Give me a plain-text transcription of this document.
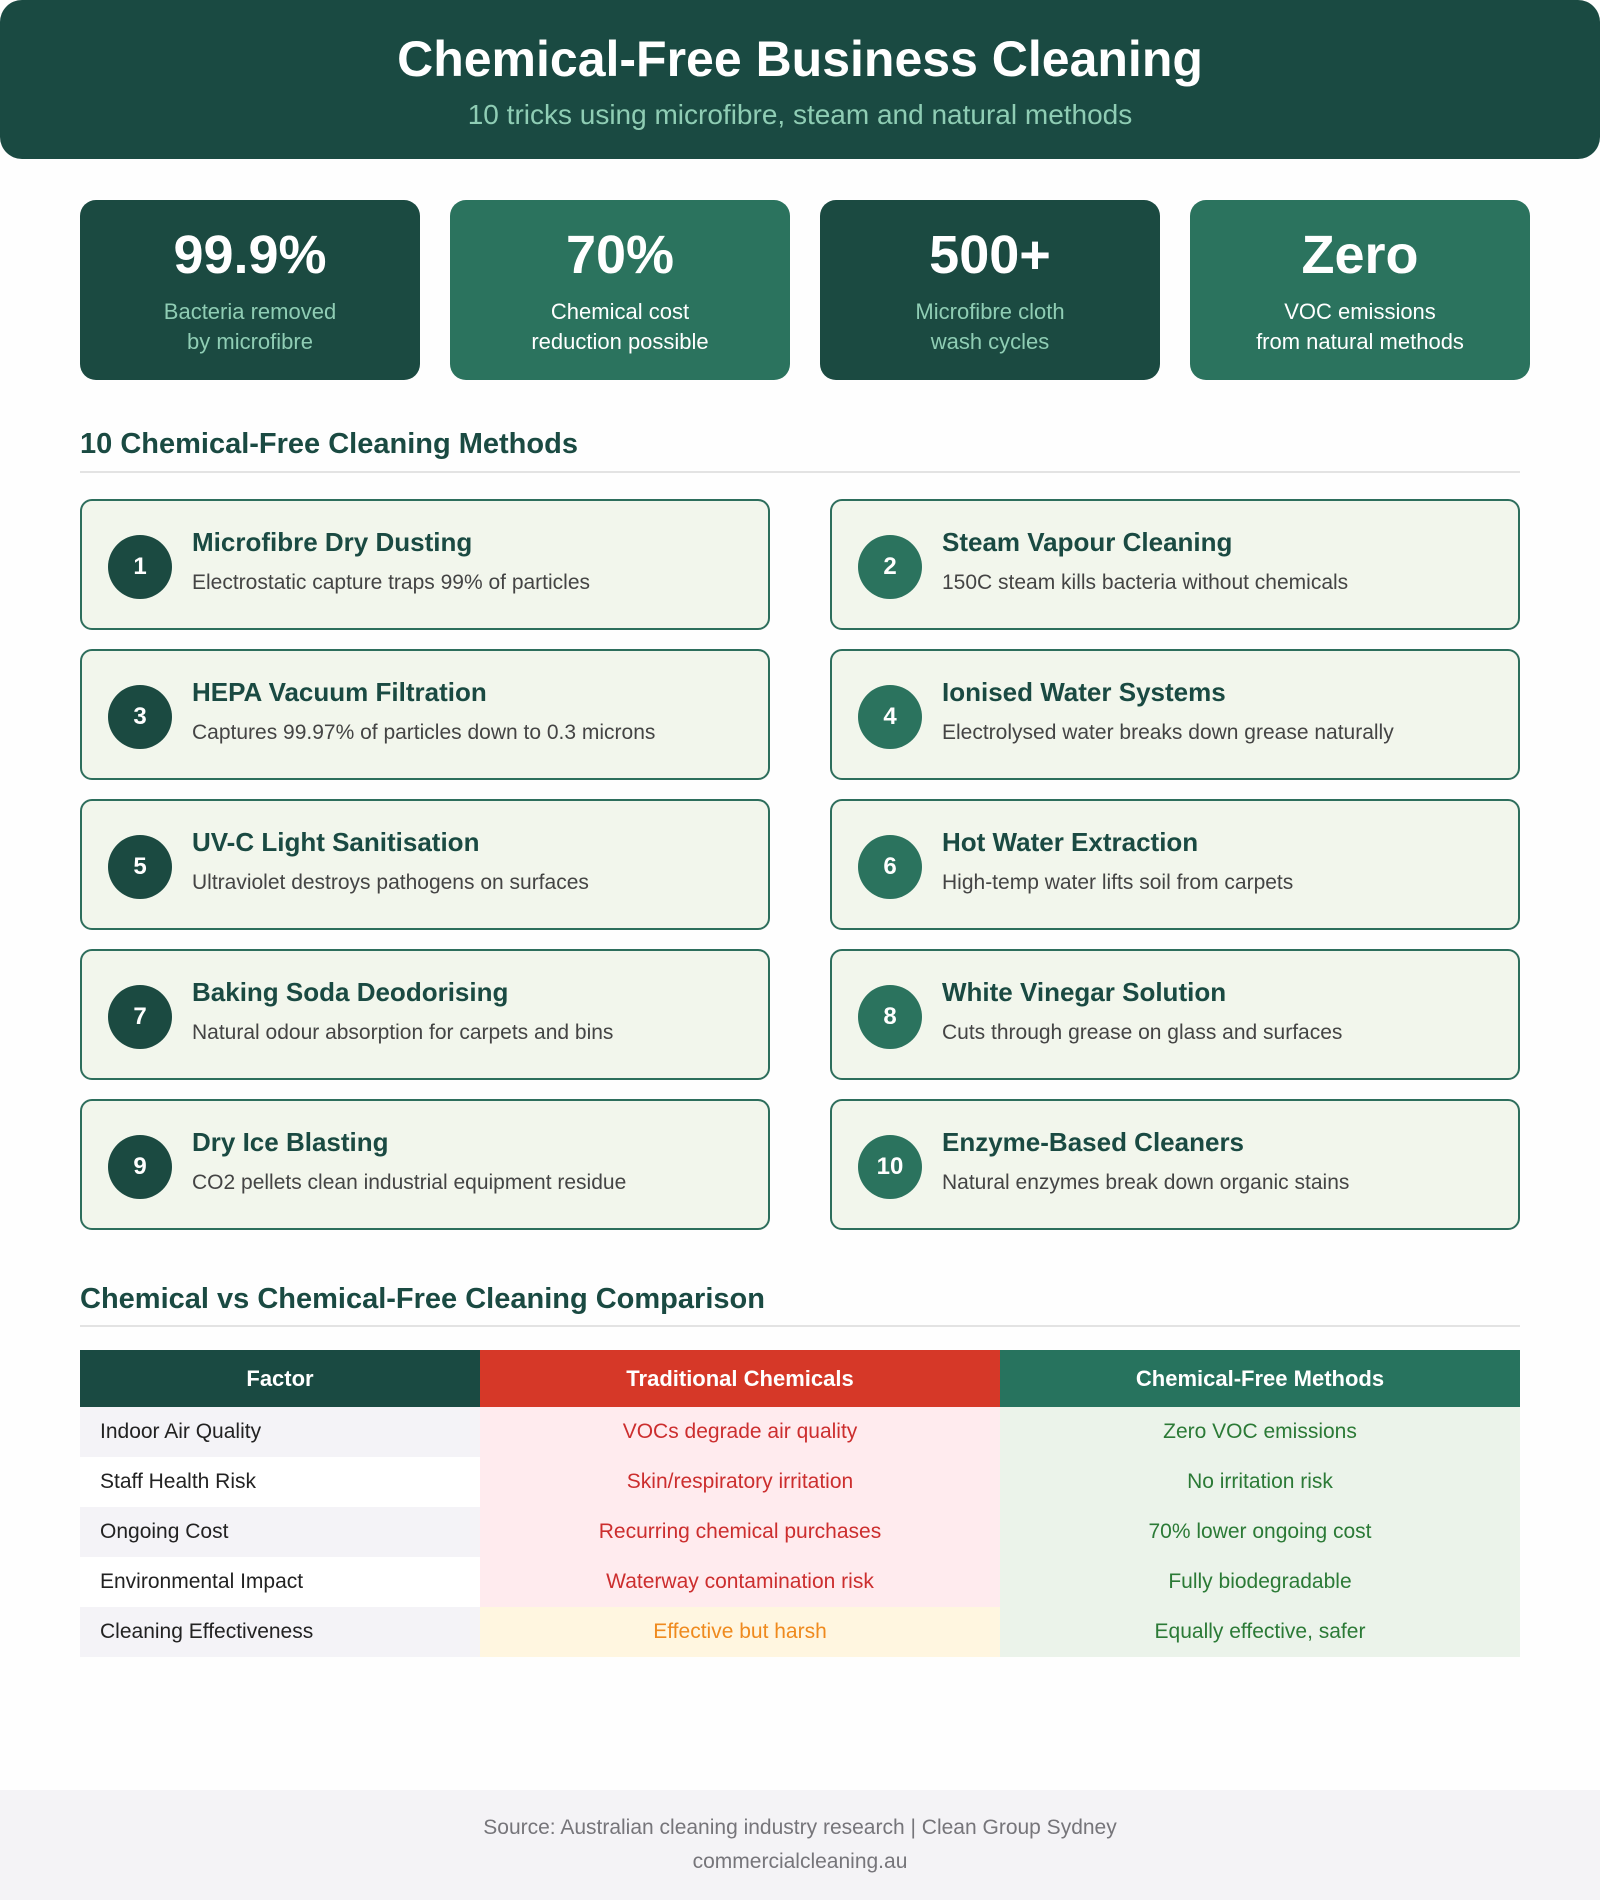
Chemical-Free Business Cleaning
10 tricks using microfibre, steam and natural methods
99.9%
Bacteria removed
by microfibre
70%
Chemical cost
reduction possible
500+
Microfibre cloth
wash cycles
Zero
VOC emissions
from natural methods
10 Chemical-Free Cleaning Methods
1
Microfibre Dry Dusting
Electrostatic capture traps 99% of particles
2
Steam Vapour Cleaning
150C steam kills bacteria without chemicals
3
HEPA Vacuum Filtration
Captures 99.97% of particles down to 0.3 microns
4
Ionised Water Systems
Electrolysed water breaks down grease naturally
5
UV-C Light Sanitisation
Ultraviolet destroys pathogens on surfaces
6
Hot Water Extraction
High-temp water lifts soil from carpets
7
Baking Soda Deodorising
Natural odour absorption for carpets and bins
8
White Vinegar Solution
Cuts through grease on glass and surfaces
9
Dry Ice Blasting
CO2 pellets clean industrial equipment residue
10
Enzyme-Based Cleaners
Natural enzymes break down organic stains
Chemical vs Chemical-Free Cleaning Comparison
Factor	Traditional Chemicals	Chemical-Free Methods
Indoor Air Quality	VOCs degrade air quality	Zero VOC emissions
Staff Health Risk	Skin/respiratory irritation	No irritation risk
Ongoing Cost	Recurring chemical purchases	70% lower ongoing cost
Environmental Impact	Waterway contamination risk	Fully biodegradable
Cleaning Effectiveness	Effective but harsh	Equally effective, safer
Source: Australian cleaning industry research | Clean Group Sydney
commercialcleaning.au
